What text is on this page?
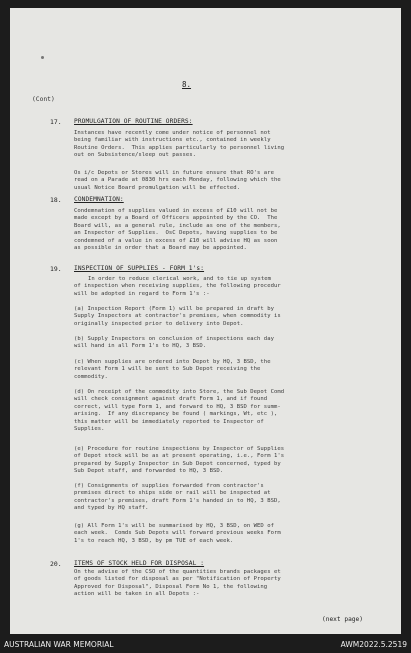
8.
(Cont)
17. PROMULGATION OF ROUTINE ORDERS:
Instances have recently come under notice of personnel not
being familiar with instructions etc., contained in weekly
Routine Orders.  This applies particularly to personnel living
out on Subsistence/sleep out passes.
Os i/c Depots or Stores will in future ensure that RO's are
read on a Parade at 0830 hrs each Monday, following which the
usual Notice Board promulgation will be effected.
18. CONDEMNATION:
Condemnation of supplies valued in excess of £10 will not be
made except by a Board of Officers appointed by the CO.  The
Board will, as a general rule, include as one of the members,
an Inspector of Supplies.  OsC Depots, having supplies to be
condemned of a value in excess of £10 will advise HQ as soon
as possible in order that a Board may be appointed.
19. INSPECTION OF SUPPLIES - FORM 1's:
In order to reduce clerical work, and to tie up system
of inspection when receiving supplies, the following procedur
will be adopted in regard to Form 1's :-
(a) Inspection Report (Form 1) will be prepared in draft by
Supply Inspectors at contractor's premises, when commodity is
originally inspected prior to delivery into Depot.
(b) Supply Inspectors on conclusion of inspections each day
will hand in all Form 1's to HQ, 3 BSD.
(c) When supplies are ordered into Depot by HQ, 3 BSD, the
relevant Form 1 will be sent to Sub Depot receiving the
commodity.
(d) On receipt of the commodity into Store, the Sub Depot Comd
will check consignment against draft Form 1, and if found
correct, will type Form 1, and forward to HQ, 3 BSD for summ-
arising.  If any discrepancy be found ( markings, Wt, etc ),
this matter will be immediately reported to Inspector of
Supplies.
(e) Procedure for routine inspections by Inspector of Supplies
of Depot stock will be as at present operating, i.e., Form 1's
prepared by Supply Inspector in Sub Depot concerned, typed by
Sub Depot staff, and forwarded to HQ, 3 BSD.
(f) Consignments of supplies forwarded from contractor's
premises direct to ships side or rail will be inspected at
contractor's premises, draft Form 1's handed in to HQ, 3 BSD,
and typed by HQ staff.
(g) All Form 1's will be summarised by HQ, 3 BSD, on WED of
each week.  Comds Sub Depots will forward previous weeks Form
1's to reach HQ, 3 BSD, by pm TUE of each week.
20. ITEMS OF STOCK HELD FOR DISPOSAL :
On the advise of the CSO of the quantities brands packages et
of goods listed for disposal as per "Notification of Property
Approved for Disposal", Disposal Form No 1, the following
action will be taken in all Depots :-
(next page)
AUSTRALIAN WAR MEMORIAL	AWM2022.5.2519
